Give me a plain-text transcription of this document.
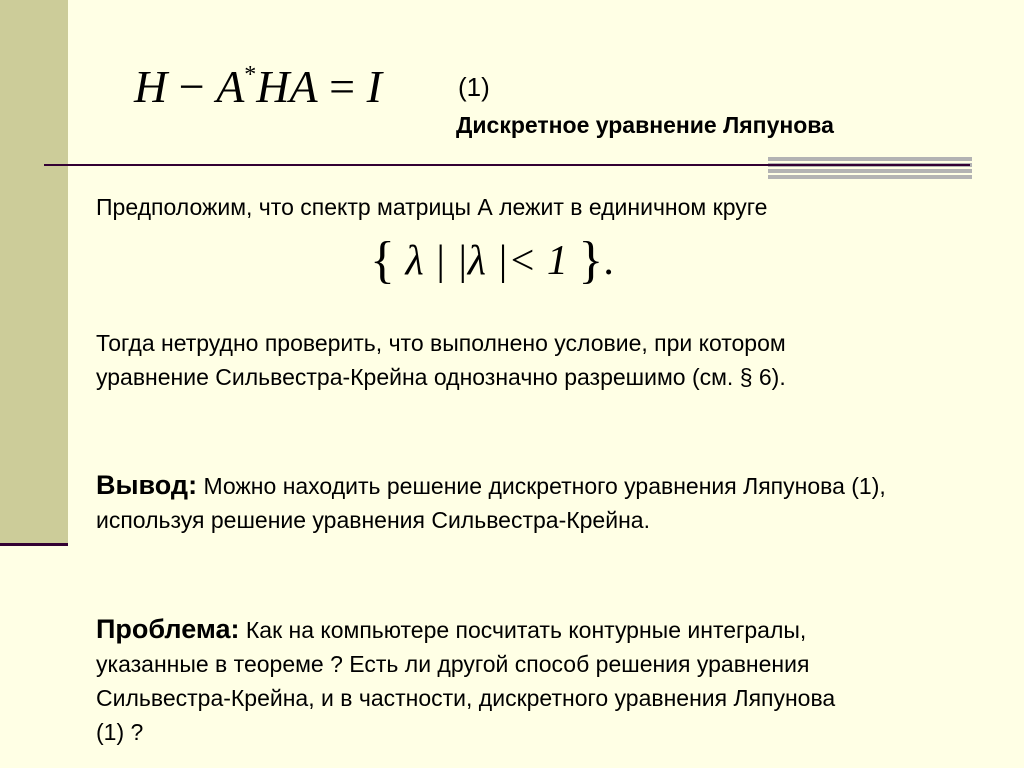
H − A*HA = I	(1)
Дискретное уравнение Ляпунова
Предположим, что спектр матрицы А лежит в единичном круге
{ λ | |λ |< 1 }.
Тогда нетрудно проверить, что выполнено условие, при котором уравнение Сильвестра-Крейна однозначно разрешимо (см. § 6).
Вывод: Можно находить решение дискретного уравнения Ляпунова (1), используя решение уравнения Сильвестра-Крейна.
Проблема: Как на компьютере посчитать контурные интегралы, указанные в теореме ? Есть ли другой способ решения уравнения Сильвестра-Крейна, и в частности, дискретного уравнения Ляпунова (1) ?
